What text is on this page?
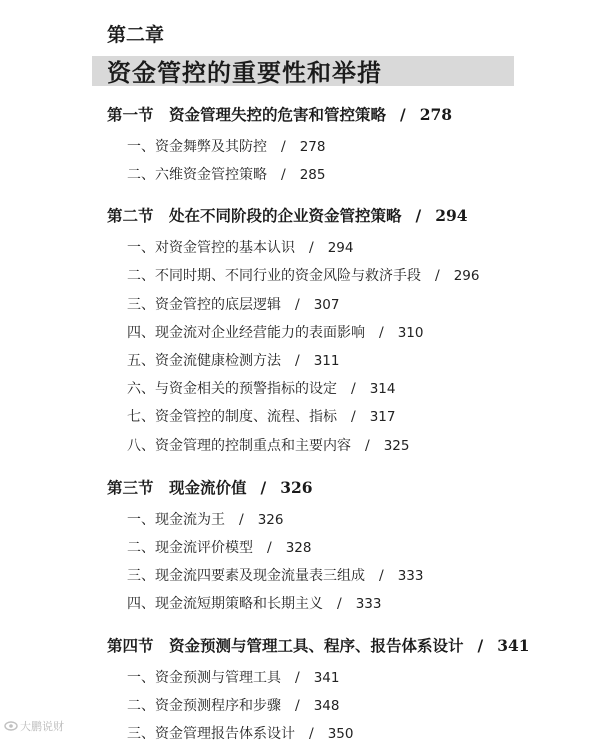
第二章
资金管控的重要性和举措
第一节　资金管理失控的危害和管控策略 / 278
一、资金舞弊及其防控 / 278
二、六维资金管控策略 / 285
第二节　处在不同阶段的企业资金管控策略 / 294
一、对资金管控的基本认识 / 294
二、不同时期、不同行业的资金风险与救济手段 / 296
三、资金管控的底层逻辑 / 307
四、现金流对企业经营能力的表面影响 / 310
五、资金流健康检测方法 / 311
六、与资金相关的预警指标的设定 / 314
七、资金管控的制度、流程、指标 / 317
八、资金管理的控制重点和主要内容 / 325
第三节　现金流价值 / 326
一、现金流为王 / 326
二、现金流评价模型 / 328
三、现金流四要素及现金流量表三组成 / 333
四、现金流短期策略和长期主义 / 333
第四节　资金预测与管理工具、程序、报告体系设计 / 341
一、资金预测与管理工具 / 341
二、资金预测程序和步骤 / 348
三、资金管理报告体系设计 / 350
大鹏说财
